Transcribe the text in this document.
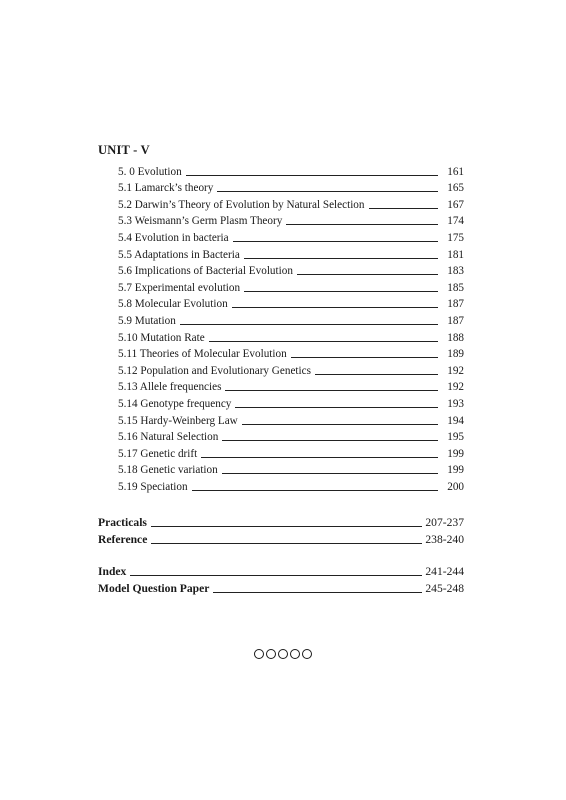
UNIT - V
5. 0 Evolution	161
5.1 Lamarck’s theory	165
5.2 Darwin’s Theory of Evolution by Natural Selection	167
5.3 Weismann’s Germ Plasm Theory	174
5.4 Evolution in bacteria	175
5.5 Adaptations in Bacteria	181
5.6 Implications of Bacterial Evolution	183
5.7 Experimental evolution	185
5.8 Molecular Evolution	187
5.9 Mutation	187
5.10 Mutation Rate	188
5.11 Theories of Molecular Evolution	189
5.12 Population and Evolutionary Genetics	192
5.13 Allele frequencies	192
5.14 Genotype frequency	193
5.15 Hardy-Weinberg Law	194
5.16 Natural Selection	195
5.17 Genetic drift	199
5.18 Genetic variation	199
5.19 Speciation	200
Practicals	207-237
Reference	238-240
Index	241-244
Model Question Paper	245-248
